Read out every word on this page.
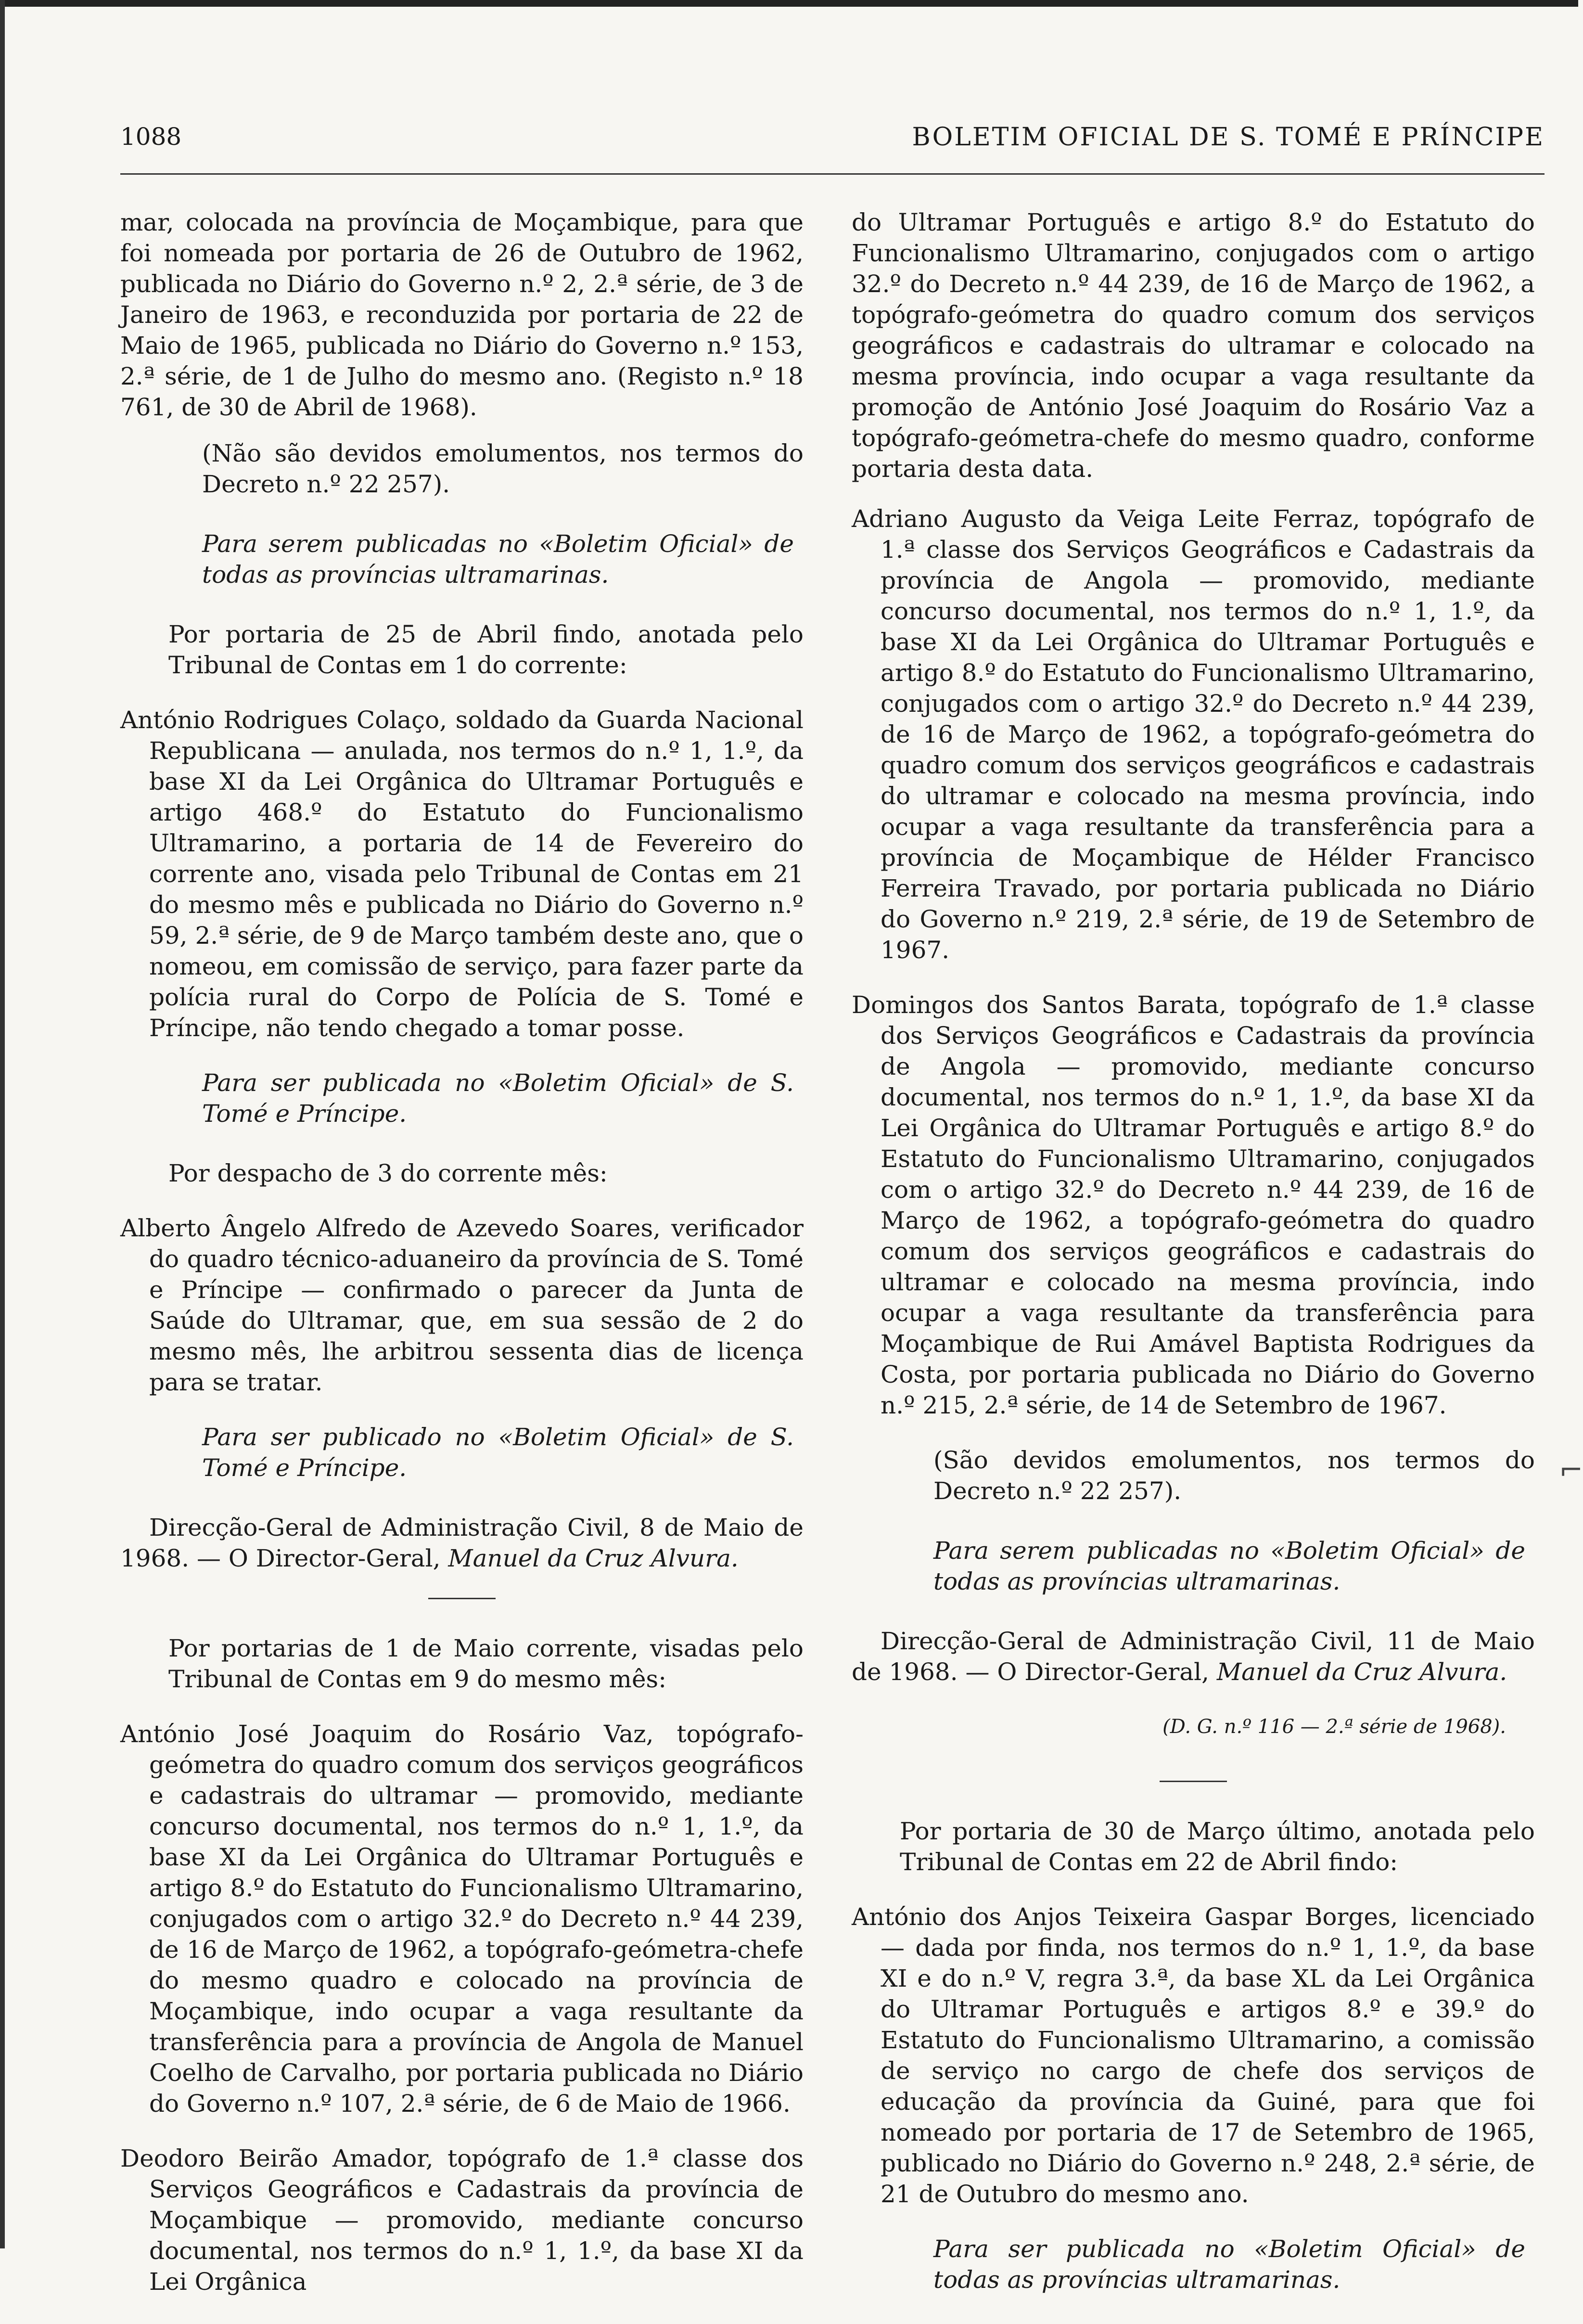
1088	BOLETIM OFICIAL DE S. TOMÉ E PRÍNCIPE

mar, colocada na província de Moçambique, para que foi nomeada por portaria de 26 de Outubro de 1962, publicada no Diário do Governo n.º 2, 2.ª série, de 3 de Janeiro de 1963, e reconduzida por portaria de 22 de Maio de 1965, publicada no Diário do Governo n.º 153, 2.ª série, de 1 de Julho do mesmo ano. (Registo n.º 18 761, de 30 de Abril de 1968).

(Não são devidos emolumentos, nos termos do Decreto n.º 22 257).

Para serem publicadas no «Boletim Oficial» de todas as províncias ultramarinas.

Por portaria de 25 de Abril findo, anotada pelo Tribunal de Contas em 1 do corrente:

António Rodrigues Colaço, soldado da Guarda Nacional Republicana — anulada, nos termos do n.º 1, 1.º, da base XI da Lei Orgânica do Ultramar Português e artigo 468.º do Estatuto do Funcionalismo Ultramarino, a portaria de 14 de Fevereiro do corrente ano, visada pelo Tribunal de Contas em 21 do mesmo mês e publicada no Diário do Governo n.º 59, 2.ª série, de 9 de Março também deste ano, que o nomeou, em comissão de serviço, para fazer parte da polícia rural do Corpo de Polícia de S. Tomé e Príncipe, não tendo chegado a tomar posse.

Para ser publicada no «Boletim Oficial» de S. Tomé e Príncipe.

Por despacho de 3 do corrente mês:

Alberto Ângelo Alfredo de Azevedo Soares, verificador do quadro técnico-aduaneiro da província de S. Tomé e Príncipe — confirmado o parecer da Junta de Saúde do Ultramar, que, em sua sessão de 2 do mesmo mês, lhe arbitrou sessenta dias de licença para se tratar.

Para ser publicado no «Boletim Oficial» de S. Tomé e Príncipe.

Direcção-Geral de Administração Civil, 8 de Maio de 1968. — O Director-Geral, Manuel da Cruz Alvura.

Por portarias de 1 de Maio corrente, visadas pelo Tribunal de Contas em 9 do mesmo mês:

António José Joaquim do Rosário Vaz, topógrafo-geómetra do quadro comum dos serviços geográficos e cadastrais do ultramar — promovido, mediante concurso documental, nos termos do n.º 1, 1.º, da base XI da Lei Orgânica do Ultramar Português e artigo 8.º do Estatuto do Funcionalismo Ultramarino, conjugados com o artigo 32.º do Decreto n.º 44 239, de 16 de Março de 1962, a topógrafo-geómetra-chefe do mesmo quadro e colocado na província de Moçambique, indo ocupar a vaga resultante da transferência para a província de Angola de Manuel Coelho de Carvalho, por portaria publicada no Diário do Governo n.º 107, 2.ª série, de 6 de Maio de 1966.

Deodoro Beirão Amador, topógrafo de 1.ª classe dos Serviços Geográficos e Cadastrais da província de Moçambique — promovido, mediante concurso documental, nos termos do n.º 1, 1.º, da base XI da Lei Orgânica

do Ultramar Português e artigo 8.º do Estatuto do Funcionalismo Ultramarino, conjugados com o artigo 32.º do Decreto n.º 44 239, de 16 de Março de 1962, a topógrafo-geómetra do quadro comum dos serviços geográficos e cadastrais do ultramar e colocado na mesma província, indo ocupar a vaga resultante da promoção de António José Joaquim do Rosário Vaz a topógrafo-geómetra-chefe do mesmo quadro, conforme portaria desta data.

Adriano Augusto da Veiga Leite Ferraz, topógrafo de 1.ª classe dos Serviços Geográficos e Cadastrais da província de Angola — promovido, mediante concurso documental, nos termos do n.º 1, 1.º, da base XI da Lei Orgânica do Ultramar Português e artigo 8.º do Estatuto do Funcionalismo Ultramarino, conjugados com o artigo 32.º do Decreto n.º 44 239, de 16 de Março de 1962, a topógrafo-geómetra do quadro comum dos serviços geográficos e cadastrais do ultramar e colocado na mesma província, indo ocupar a vaga resultante da transferência para a província de Moçambique de Hélder Francisco Ferreira Travado, por portaria publicada no Diário do Governo n.º 219, 2.ª série, de 19 de Setembro de 1967.

Domingos dos Santos Barata, topógrafo de 1.ª classe dos Serviços Geográficos e Cadastrais da província de Angola — promovido, mediante concurso documental, nos termos do n.º 1, 1.º, da base XI da Lei Orgânica do Ultramar Português e artigo 8.º do Estatuto do Funcionalismo Ultramarino, conjugados com o artigo 32.º do Decreto n.º 44 239, de 16 de Março de 1962, a topógrafo-geómetra do quadro comum dos serviços geográficos e cadastrais do ultramar e colocado na mesma província, indo ocupar a vaga resultante da transferência para Moçambique de Rui Amável Baptista Rodrigues da Costa, por portaria publicada no Diário do Governo n.º 215, 2.ª série, de 14 de Setembro de 1967.

(São devidos emolumentos, nos termos do Decreto n.º 22 257).

Para serem publicadas no «Boletim Oficial» de todas as províncias ultramarinas.

Direcção-Geral de Administração Civil, 11 de Maio de 1968. — O Director-Geral, Manuel da Cruz Alvura.

(D. G. n.º 116 — 2.ª série de 1968).

Por portaria de 30 de Março último, anotada pelo Tribunal de Contas em 22 de Abril findo:

António dos Anjos Teixeira Gaspar Borges, licenciado — dada por finda, nos termos do n.º 1, 1.º, da base XI e do n.º V, regra 3.ª, da base XL da Lei Orgânica do Ultramar Português e artigos 8.º e 39.º do Estatuto do Funcionalismo Ultramarino, a comissão de serviço no cargo de chefe dos serviços de educação da província da Guiné, para que foi nomeado por portaria de 17 de Setembro de 1965, publicado no Diário do Governo n.º 248, 2.ª série, de 21 de Outubro do mesmo ano.

Para ser publicada no «Boletim Oficial» de todas as províncias ultramarinas.

⌐
